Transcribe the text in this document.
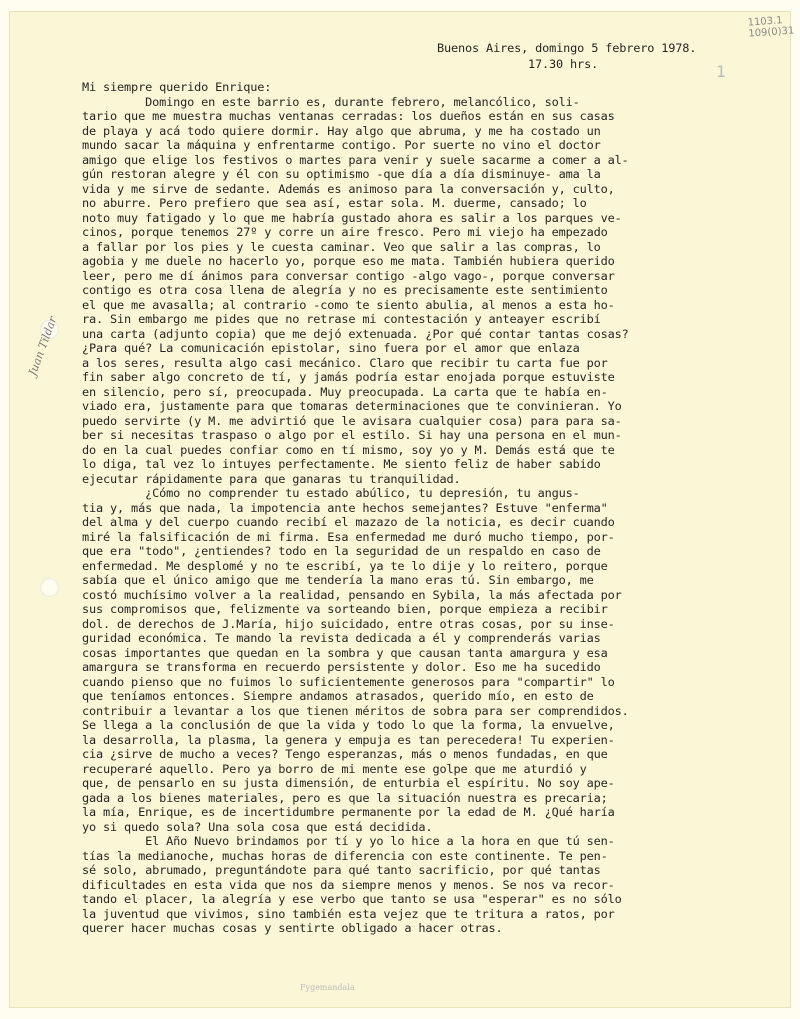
1103.1
109(0)31
1
Buenos Aires, domingo 5 febrero 1978.
17.30 hrs.
Juan Tildar
Mi siempre querido Enrique:
Domingo en este barrio es, durante febrero, melancólico, soli-
tario que me muestra muchas ventanas cerradas: los dueños están en sus casas
de playa y acá todo quiere dormir. Hay algo que abruma, y me ha costado un
mundo sacar la máquina y enfrentarme contigo. Por suerte no vino el doctor
amigo que elige los festivos o martes para venir y suele sacarme a comer a al-
gún restoran alegre y él con su optimismo -que día a día disminuye- ama la
vida y me sirve de sedante. Además es animoso para la conversación y, culto,
no aburre. Pero prefiero que sea así, estar sola. M. duerme, cansado; lo
noto muy fatigado y lo que me habría gustado ahora es salir a los parques ve-
cinos, porque tenemos 27º y corre un aire fresco. Pero mi viejo ha empezado
a fallar por los pies y le cuesta caminar. Veo que salir a las compras, lo
agobia y me duele no hacerlo yo, porque eso me mata. También hubiera querido
leer, pero me dí ánimos para conversar contigo -algo vago-, porque conversar
contigo es otra cosa llena de alegría y no es precisamente este sentimiento
el que me avasalla; al contrario -como te siento abulia, al menos a esta ho-
ra. Sin embargo me pides que no retrase mi contestación y anteayer escribí
una carta (adjunto copia) que me dejó extenuada. ¿Por qué contar tantas cosas?
¿Para qué? La comunicación epistolar, sino fuera por el amor que enlaza
a los seres, resulta algo casi mecánico. Claro que recibir tu carta fue por
fin saber algo concreto de tí, y jamás podría estar enojada porque estuviste
en silencio, pero sí, preocupada. Muy preocupada. La carta que te había en-
viado era, justamente para que tomaras determinaciones que te convinieran. Yo
puedo servirte (y M. me advirtió que le avisara cualquier cosa) para para sa-
ber si necesitas traspaso o algo por el estilo. Si hay una persona en el mun-
do en la cual puedes confiar como en tí mismo, soy yo y M. Demás está que te
lo diga, tal vez lo intuyes perfectamente. Me siento feliz de haber sabido
ejecutar rápidamente para que ganaras tu tranquilidad.
¿Cómo no comprender tu estado abúlico, tu depresión, tu angus-
tia y, más que nada, la impotencia ante hechos semejantes? Estuve "enferma"
del alma y del cuerpo cuando recibí el mazazo de la noticia, es decir cuando
miré la falsificación de mi firma. Esa enfermedad me duró mucho tiempo, por-
que era "todo", ¿entiendes? todo en la seguridad de un respaldo en caso de
enfermedad. Me desplomé y no te escribí, ya te lo dije y lo reitero, porque
sabía que el único amigo que me tendería la mano eras tú. Sin embargo, me
costó muchísimo volver a la realidad, pensando en Sybila, la más afectada por
sus compromisos que, felizmente va sorteando bien, porque empieza a recibir
dol. de derechos de J.María, hijo suicidado, entre otras cosas, por su inse-
guridad económica. Te mando la revista dedicada a él y comprenderás varias
cosas importantes que quedan en la sombra y que causan tanta amargura y esa
amargura se transforma en recuerdo persistente y dolor. Eso me ha sucedido
cuando pienso que no fuimos lo suficientemente generosos para "compartir" lo
que teníamos entonces. Siempre andamos atrasados, querido mío, en esto de
contribuir a levantar a los que tienen méritos de sobra para ser comprendidos.
Se llega a la conclusión de que la vida y todo lo que la forma, la envuelve,
la desarrolla, la plasma, la genera y empuja es tan perecedera! Tu experien-
cia ¿sirve de mucho a veces? Tengo esperanzas, más o menos fundadas, en que
recuperaré aquello. Pero ya borro de mi mente ese golpe que me aturdió y
que, de pensarlo en su justa dimensión, de enturbia el espíritu. No soy ape-
gada a los bienes materiales, pero es que la situación nuestra es precaria;
la mía, Enrique, es de incertidumbre permanente por la edad de M. ¿Qué haría
yo si quedo sola? Una sola cosa que está decidida.
El Año Nuevo brindamos por tí y yo lo hice a la hora en que tú sen-
tías la medianoche, muchas horas de diferencia con este continente. Te pen-
sé solo, abrumado, preguntándote para qué tanto sacrificio, por qué tantas
dificultades en esta vida que nos da siempre menos y menos. Se nos va recor-
tando el placer, la alegría y ese verbo que tanto se usa "esperar" es no sólo
la juventud que vivimos, sino también esta vejez que te tritura a ratos, por
querer hacer muchas cosas y sentirte obligado a hacer otras.
Fygemandala
